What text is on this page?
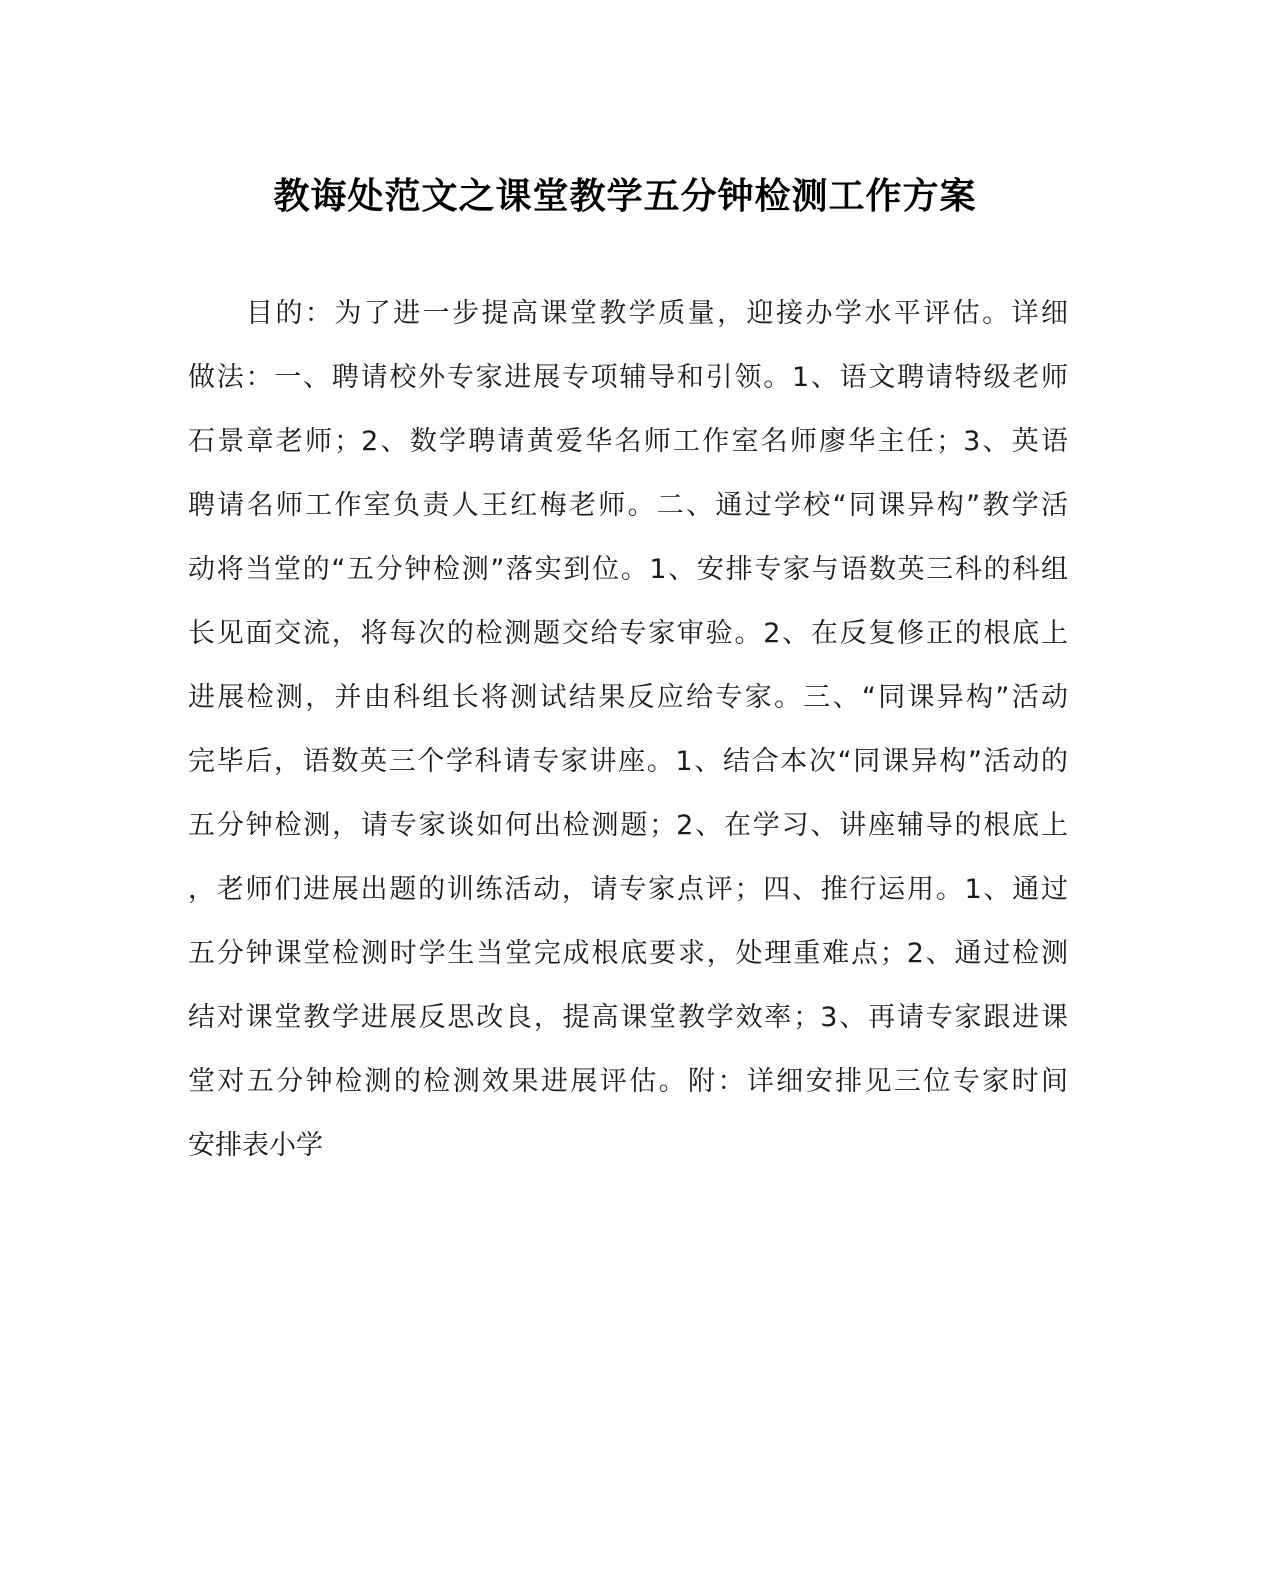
教诲处范文之课堂教学五分钟检测工作方案
目的：为了进一步提高课堂教学质量，迎接办学水平评估。详细
做法：一、聘请校外专家进展专项辅导和引领。1、语文聘请特级老师
石景章老师；2、数学聘请黄爱华名师工作室名师廖华主任；3、英语
聘请名师工作室负责人王红梅老师。二、通过学校“同课异构”教学活
动将当堂的“五分钟检测”落实到位。1、安排专家与语数英三科的科组
长见面交流，将每次的检测题交给专家审验。2、在反复修正的根底上
进展检测，并由科组长将测试结果反应给专家。三、“同课异构”活动
完毕后，语数英三个学科请专家讲座。1、结合本次“同课异构”活动的
五分钟检测，请专家谈如何出检测题；2、在学习、讲座辅导的根底上
，老师们进展出题的训练活动，请专家点评；四、推行运用。1、通过
五分钟课堂检测时学生当堂完成根底要求，处理重难点；2、通过检测
结对课堂教学进展反思改良，提高课堂教学效率；3、再请专家跟进课
堂对五分钟检测的检测效果进展评估。附：详细安排见三位专家时间
安排表小学
